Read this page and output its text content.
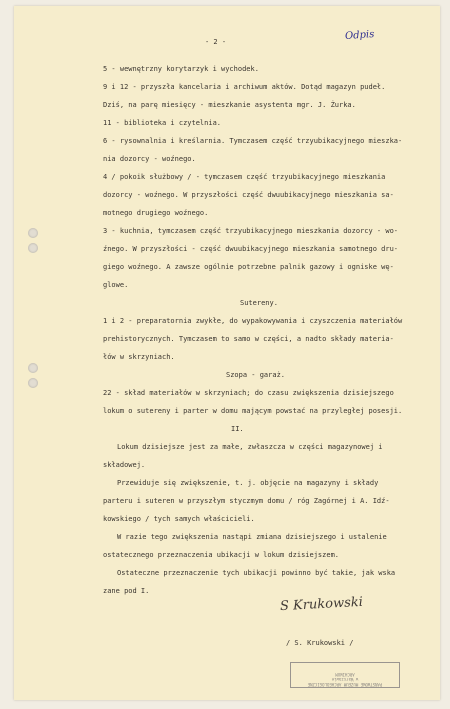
- 2 -	Odpis
5 - wewnętrzny korytarzyk i wychodek.
9 i 12 - przyszła kancelaria i archiwum aktów. Dotąd magazyn pudeł.
Dziś, na parę miesięcy - mieszkanie asystenta mgr. J. Żurka.
11 - biblioteka i czytelnia.
6 - rysownalnia i kreślarnia. Tymczasem część trzyubikacyjnego mieszka-
nia dozorcy - woźnego.
4 / pokoik służbowy / - tymczasem część trzyubikacyjnego mieszkania
dozorcy - woźnego. W przyszłości część dwuubikacyjnego mieszkania sa-
motnego drugiego woźnego.
3 - kuchnia, tymczasem część trzyubikacyjnego mieszkania dozorcy - wo-
źnego. W przyszłości - część dwuubikacyjnego mieszkania samotnego dru-
giego woźnego. A zawsze ogólnie potrzebne palnik gazowy i ogniske wę-
glowe.
Sutereny.
1 i 2 - preparatornia zwykłe, do wypakowywania i czyszczenia materiałów
prehistorycznych. Tymczasem to samo w części, a nadto składy materia-
łów w skrzyniach.
Szopa - garaż.
22 - skład materiałów w skrzyniach; do czasu zwiększenia dzisiejszego
lokum o sutereny i parter w domu mającym powstać na przyległej posesji.
II.
Lokum dzisiejsze jest za małe, zwłaszcza w części magazynowej i
składowej.
Przewiduje się zwiększenie, t. j. objęcie na magazyny i składy
parteru i suteren w przyszłym styczmym domu / róg Zagórnej i A. Idź-
kowskiego / tych samych właścicieli.
W razie tego zwiększenia nastąpi zmiana dzisiejszego i ustalenie
ostatecznego przeznaczenia ubikacji w lokum dzisiejszem.
Ostateczne przeznaczenie tych ubikacji powinno być takie, jak wska
zane pod I.
S Krukowski
/ S. Krukowski /
PAŃSTWOWE MUZEUM ARCHEOLOGICZNE
w Warszawie
ARCHIWUM
